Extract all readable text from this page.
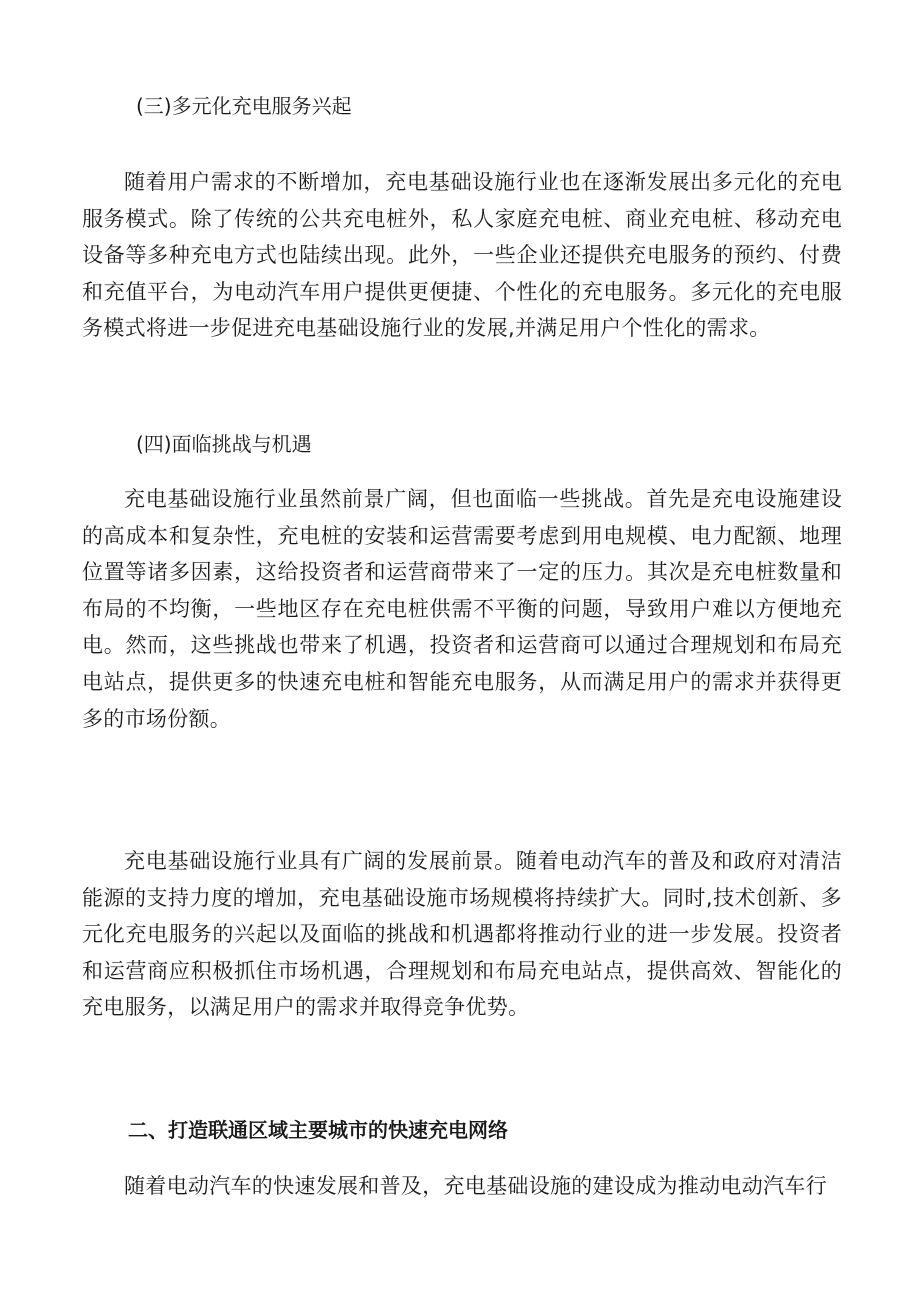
(三)多元化充电服务兴起

随着用户需求的不断增加，充电基础设施行业也在逐渐发展出多元化的充电服务模式。除了传统的公共充电桩外，私人家庭充电桩、商业充电桩、移动充电设备等多种充电方式也陆续出现。此外，一些企业还提供充电服务的预约、付费和充值平台，为电动汽车用户提供更便捷、个性化的充电服务。多元化的充电服务模式将进一步促进充电基础设施行业的发展,并满足用户个性化的需求。

(四)面临挑战与机遇

充电基础设施行业虽然前景广阔，但也面临一些挑战。首先是充电设施建设的高成本和复杂性，充电桩的安装和运营需要考虑到用电规模、电力配额、地理位置等诸多因素，这给投资者和运营商带来了一定的压力。其次是充电桩数量和布局的不均衡，一些地区存在充电桩供需不平衡的问题，导致用户难以方便地充电。然而，这些挑战也带来了机遇，投资者和运营商可以通过合理规划和布局充电站点，提供更多的快速充电桩和智能充电服务，从而满足用户的需求并获得更多的市场份额。

充电基础设施行业具有广阔的发展前景。随着电动汽车的普及和政府对清洁能源的支持力度的增加，充电基础设施市场规模将持续扩大。同时,技术创新、多元化充电服务的兴起以及面临的挑战和机遇都将推动行业的进一步发展。投资者和运营商应积极抓住市场机遇，合理规划和布局充电站点，提供高效、智能化的充电服务，以满足用户的需求并取得竞争优势。

二、打造联通区域主要城市的快速充电网络

随着电动汽车的快速发展和普及，充电基础设施的建设成为推动电动汽车行
